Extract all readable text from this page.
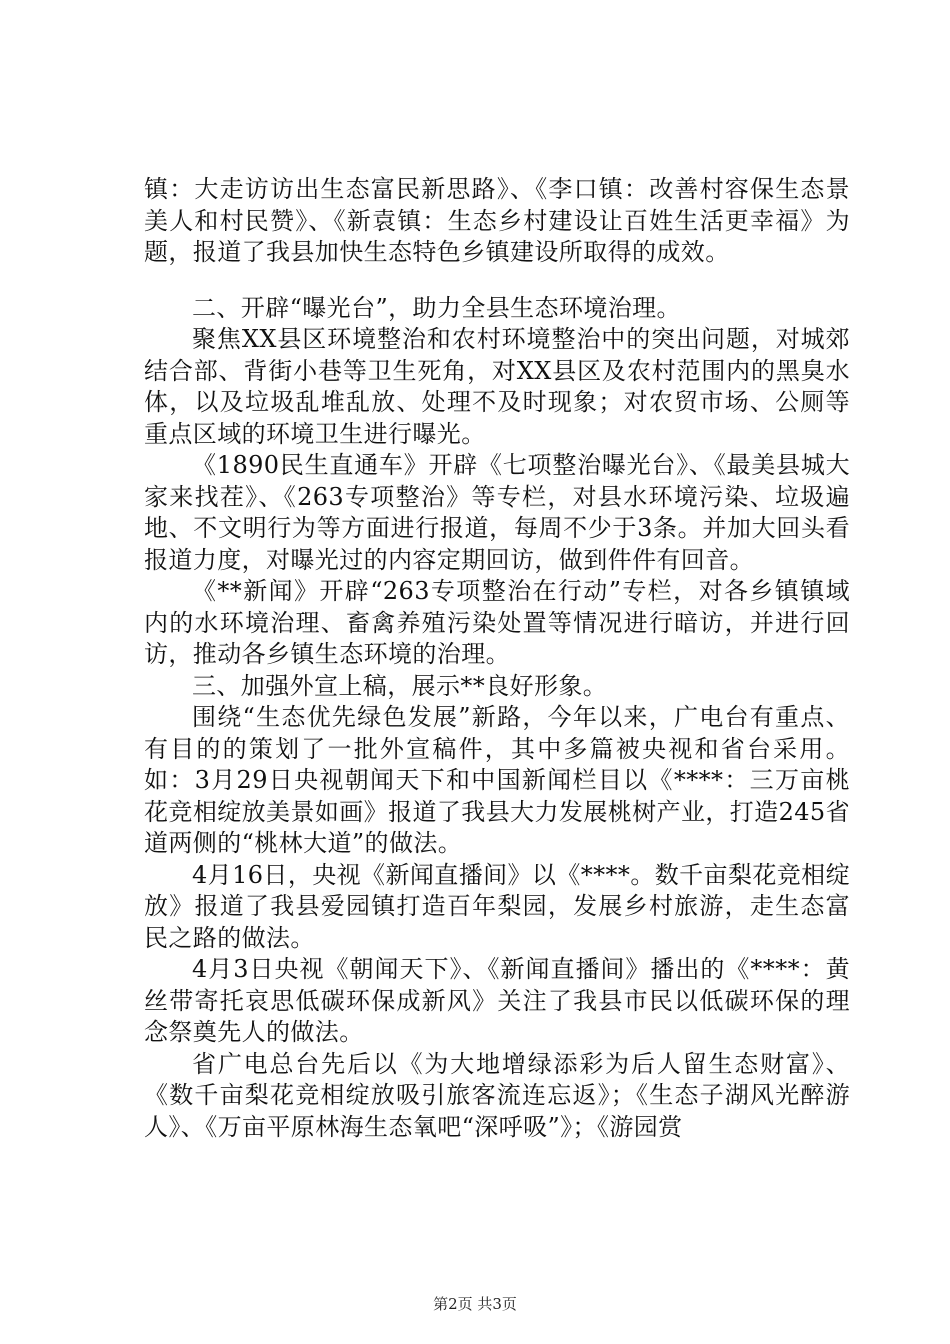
镇：大走访访出生态富民新思路》、《李口镇：改善村容保生态景美人和村民赞》、《新袁镇：生态乡村建设让百姓生活更幸福》为题，报道了我县加快生态特色乡镇建设所取得的成效。

二、开辟“曝光台”，助力全县生态环境治理。

聚焦XX县区环境整治和农村环境整治中的突出问题，对城郊结合部、背街小巷等卫生死角，对XX县区及农村范围内的黑臭水体，以及垃圾乱堆乱放、处理不及时现象；对农贸市场、公厕等重点区域的环境卫生进行曝光。

《1890民生直通车》开辟《七项整治曝光台》、《最美县城大家来找茬》、《263专项整治》等专栏，对县水环境污染、垃圾遍地、不文明行为等方面进行报道，每周不少于3条。并加大回头看报道力度，对曝光过的内容定期回访，做到件件有回音。

《**新闻》开辟“263专项整治在行动”专栏，对各乡镇镇域内的水环境治理、畜禽养殖污染处置等情况进行暗访，并进行回访，推动各乡镇生态环境的治理。

三、加强外宣上稿，展示**良好形象。

围绕“生态优先绿色发展”新路，今年以来，广电台有重点、有目的的策划了一批外宣稿件，其中多篇被央视和省台采用。如：3月29日央视朝闻天下和中国新闻栏目以《****：三万亩桃花竞相绽放美景如画》报道了我县大力发展桃树产业，打造245省道两侧的“桃林大道”的做法。

4月16日，央视《新闻直播间》以《****。数千亩梨花竞相绽放》报道了我县爱园镇打造百年梨园，发展乡村旅游，走生态富民之路的做法。

4月3日央视《朝闻天下》、《新闻直播间》播出的《****：黄丝带寄托哀思低碳环保成新风》关注了我县市民以低碳环保的理念祭奠先人的做法。

省广电总台先后以《为大地增绿添彩为后人留生态财富》、《数千亩梨花竞相绽放吸引旅客流连忘返》；《生态子湖风光醉游人》、《万亩平原林海生态氧吧“深呼吸”》；《游园赏

第2页 共3页
